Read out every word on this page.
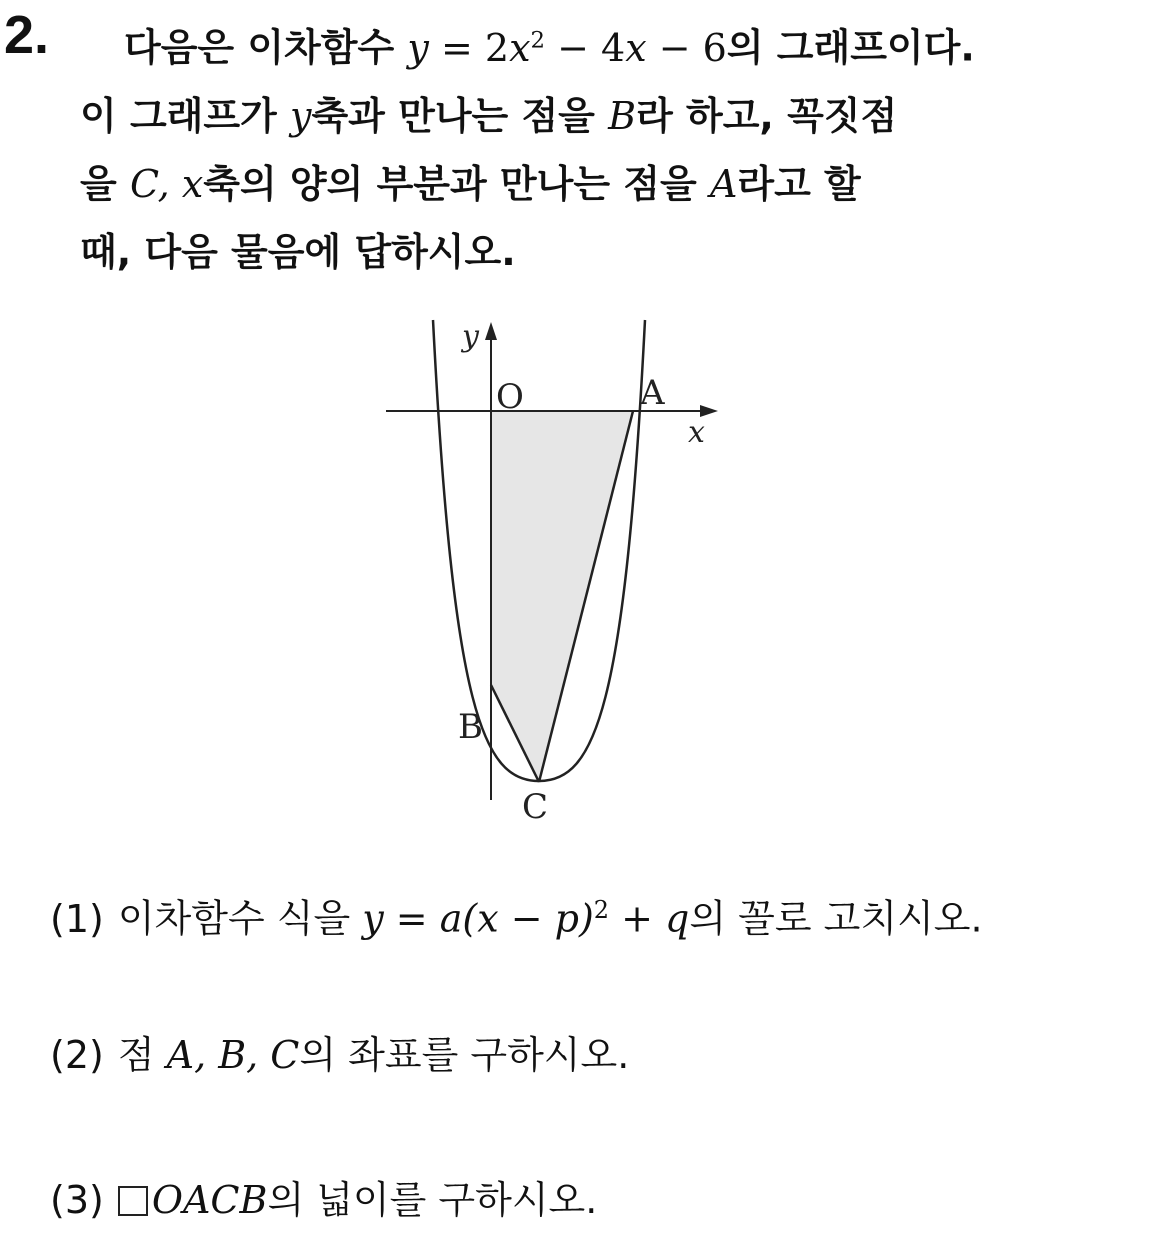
2.	다음은 이차함수 $y = 2x^2 - 4x - 6$의 그래프이다.
이 그래프가 y축과 만나는 점을 B라 하고, 꼭짓점
을 C, x축의 양의 부분과 만나는 점을 A라고 할
때, 다음 물음에 답하시오.
y
x
O	A
B
C
(1) 이차함수 식을 $y = a(x - p)^2 + q$의 꼴로 고치시오.
(2) 점 A, B, C의 좌표를 구하시오.
(3) OACB의 넓이를 구하시오.
